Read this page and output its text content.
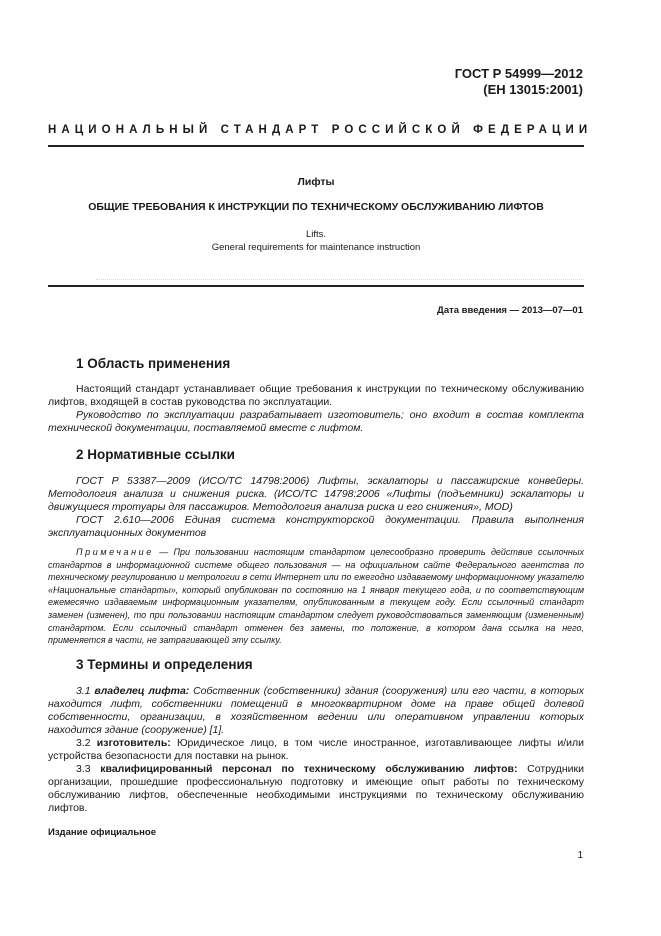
ГОСТ Р 54999—2012
(ЕН 13015:2001)
НАЦИОНАЛЬНЫЙ СТАНДАРТ РОССИЙСКОЙ ФЕДЕРАЦИИ
Лифты
ОБЩИЕ ТРЕБОВАНИЯ К ИНСТРУКЦИИ ПО ТЕХНИЧЕСКОМУ ОБСЛУЖИВАНИЮ ЛИФТОВ
Lifts.
General requirements for maintenance instruction
Дата введения — 2013—07—01
1 Область применения

Настоящий стандарт устанавливает общие требования к инструкции по техническому обслуживанию лифтов, входящей в состав руководства по эксплуатации.

Руководство по эксплуатации разрабатывает изготовитель; оно входит в состав комплекта технической документации, поставляемой вместе с лифтом.

2 Нормативные ссылки

ГОСТ Р 53387—2009 (ИСО/ТС 14798:2006) Лифты, эскалаторы и пассажирские конвейеры. Методология анализа и снижения риска. (ИСО/ТС 14798:2006 «Лифты (подъемники) эскалаторы и движущиеся тротуары для пассажиров. Методология анализа риска и его снижения», MOD)

ГОСТ 2.610—2006 Единая система конструкторской документации. Правила выполнения эксплуатационных документов

Примечание — При пользовании настоящим стандартом целесообразно проверить действие ссылочных стандартов в информационной системе общего пользования — на официальном сайте Федерального агентства по техническому регулированию и метрологии в сети Интернет или по ежегодно издаваемому информационному указателю «Национальные стандарты», который опубликован по состоянию на 1 января текущего года, и по соответствующим ежемесячно издаваемым информационным указателям, опубликованным в текущем году. Если ссылочный стандарт заменен (изменен), то при пользовании настоящим стандартом следует руководствоваться заменяющим (измененным) стандартом. Если ссылочный стандарт отменен без замены, то положение, в котором дана ссылка на него, применяется в части, не затрагивающей эту ссылку.

3 Термины и определения

3.1 владелец лифта: Собственник (собственники) здания (сооружения) или его части, в которых находится лифт, собственники помещений в многоквартирном доме на праве общей долевой собственности, организации, в хозяйственном ведении или оперативном управлении которых находится здание (сооружение) [1].

3.2 изготовитель: Юридическое лицо, в том числе иностранное, изготавливающее лифты и/или устройства безопасности для поставки на рынок.

3.3 квалифицированный персонал по техническому обслуживанию лифтов: Сотрудники организации, прошедшие профессиональную подготовку и имеющие опыт работы по техническому обслуживанию лифтов, обеспеченные необходимыми инструкциями по техническому обслуживанию лифтов.

Издание официальное
1
